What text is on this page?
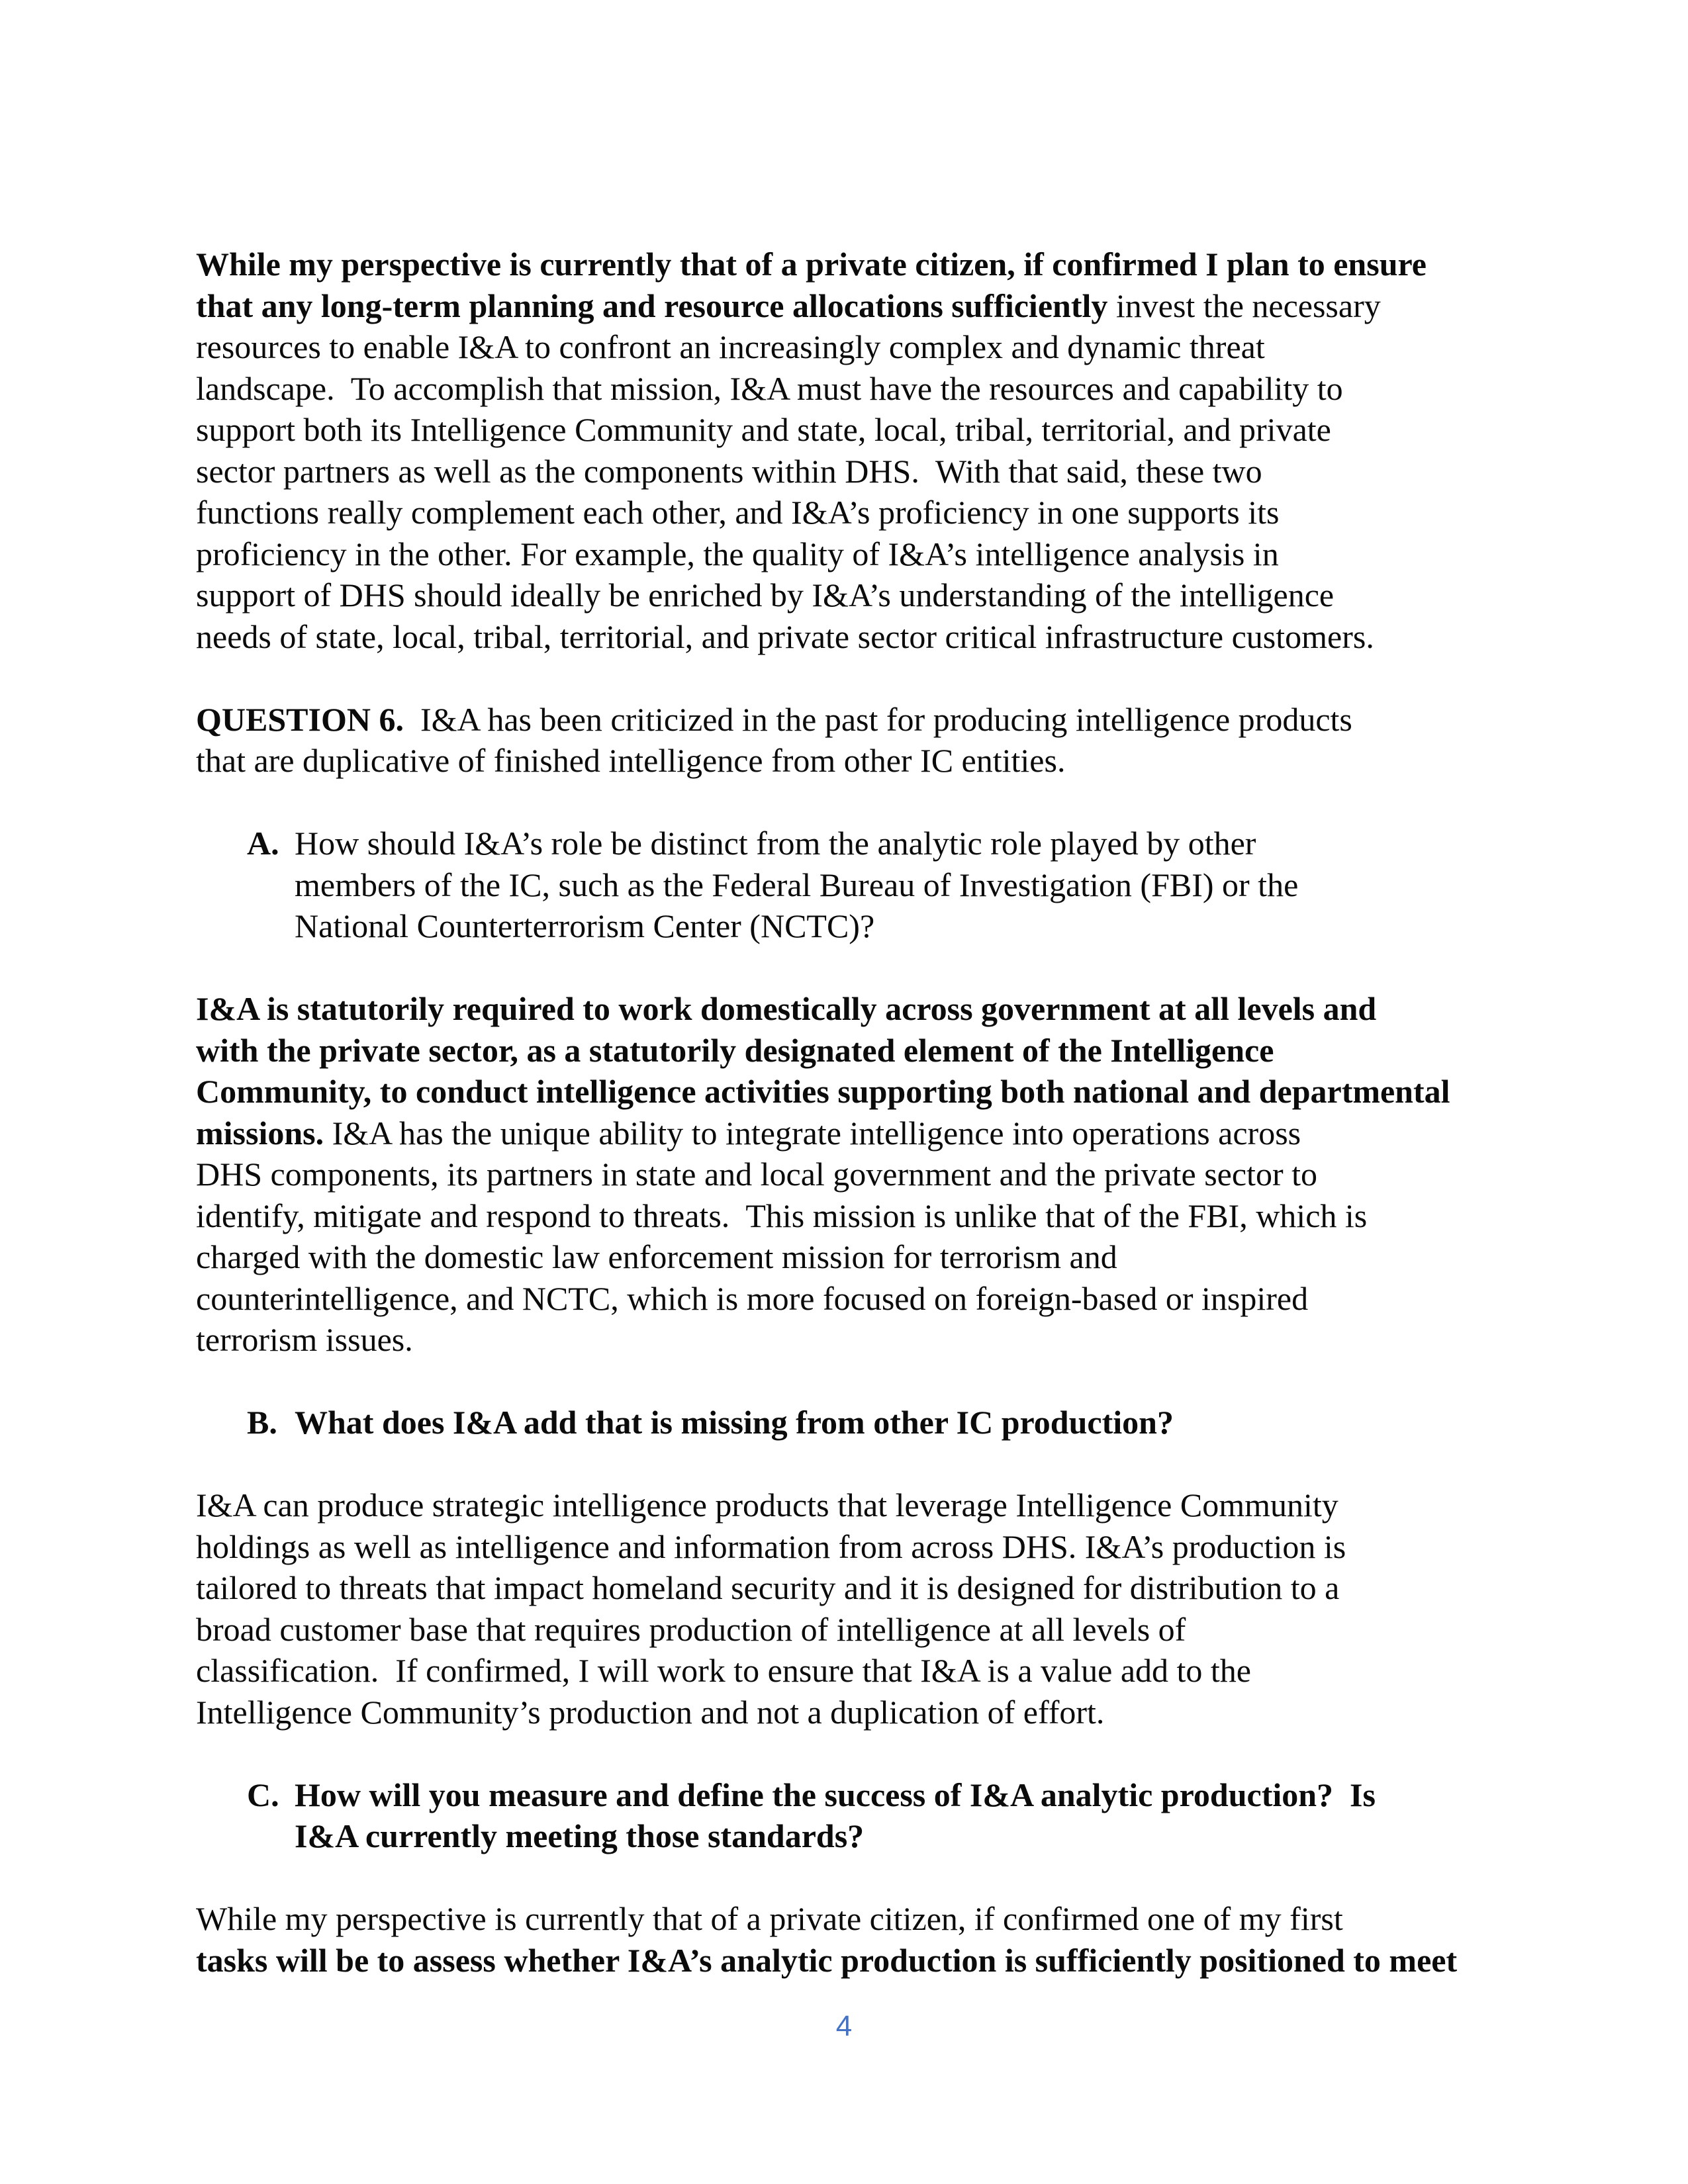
While my perspective is currently that of a private citizen, if confirmed I plan to ensure
that any long-term planning and resource allocations sufficiently invest the necessary
resources to enable I&A to confront an increasingly complex and dynamic threat
landscape.  To accomplish that mission, I&A must have the resources and capability to
support both its Intelligence Community and state, local, tribal, territorial, and private
sector partners as well as the components within DHS.  With that said, these two
functions really complement each other, and I&A’s proficiency in one supports its
proficiency in the other. For example, the quality of I&A’s intelligence analysis in
support of DHS should ideally be enriched by I&A’s understanding of the intelligence
needs of state, local, tribal, territorial, and private sector critical infrastructure customers.
QUESTION 6.  I&A has been criticized in the past for producing intelligence products
that are duplicative of finished intelligence from other IC entities.
A. How should I&A’s role be distinct from the analytic role played by other
members of the IC, such as the Federal Bureau of Investigation (FBI) or the
National Counterterrorism Center (NCTC)?
I&A is statutorily required to work domestically across government at all levels and
with the private sector, as a statutorily designated element of the Intelligence
Community, to conduct intelligence activities supporting both national and departmental
missions. I&A has the unique ability to integrate intelligence into operations across
DHS components, its partners in state and local government and the private sector to
identify, mitigate and respond to threats.  This mission is unlike that of the FBI, which is
charged with the domestic law enforcement mission for terrorism and
counterintelligence, and NCTC, which is more focused on foreign-based or inspired
terrorism issues.
B. What does I&A add that is missing from other IC production?
I&A can produce strategic intelligence products that leverage Intelligence Community
holdings as well as intelligence and information from across DHS. I&A’s production is
tailored to threats that impact homeland security and it is designed for distribution to a
broad customer base that requires production of intelligence at all levels of
classification.  If confirmed, I will work to ensure that I&A is a value add to the
Intelligence Community’s production and not a duplication of effort.
C. How will you measure and define the success of I&A analytic production?  Is
I&A currently meeting those standards?
While my perspective is currently that of a private citizen, if confirmed one of my first
tasks will be to assess whether I&A’s analytic production is sufficiently positioned to meet
4
